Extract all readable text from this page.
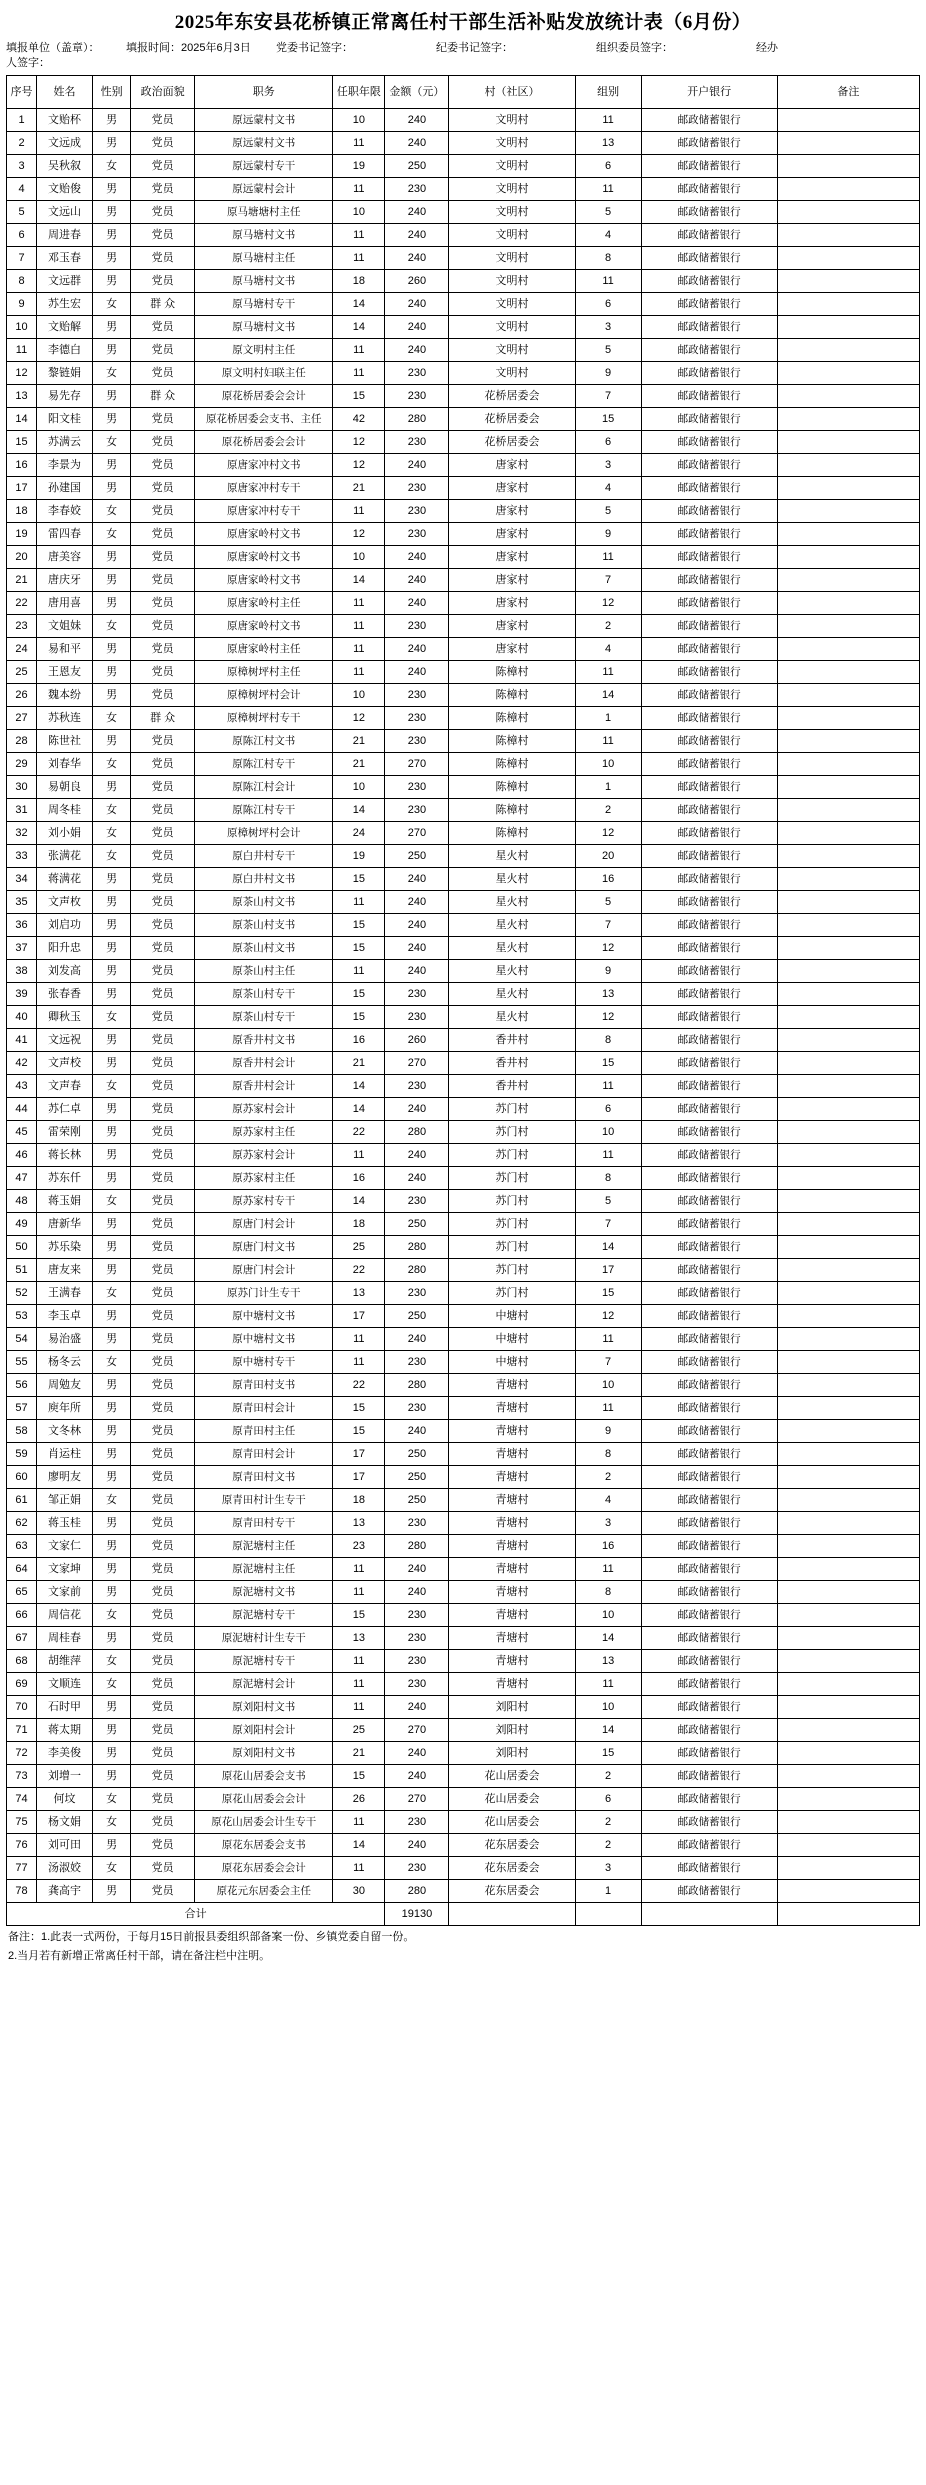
2025年东安县花桥镇正常离任村干部生活补贴发放统计表（6月份）
填报单位（盖章）：
人签字：
填报时间：2025年6月3日	党委书记签字：	纪委书记签字：	组织委员签字：	经办
序号	姓名	性别	政治面貌	职务	任职年限	金额（元）	村（社区）	组别	开户银行	备注
1	文贻杯	男	党员	原远蒙村文书	10	240	文明村	11	邮政储蓄银行	
2	文远成	男	党员	原远蒙村文书	11	240	文明村	13	邮政储蓄银行	
3	吴秋叙	女	党员	原远蒙村专干	19	250	文明村	6	邮政储蓄银行	
4	文贻俊	男	党员	原远蒙村会计	11	230	文明村	11	邮政储蓄银行	
5	文远山	男	党员	原马塘塘村主任	10	240	文明村	5	邮政储蓄银行	
6	周进春	男	党员	原马塘村文书	11	240	文明村	4	邮政储蓄银行	
7	邓玉春	男	党员	原马塘村主任	11	240	文明村	8	邮政储蓄银行	
8	文远群	男	党员	原马塘村文书	18	260	文明村	11	邮政储蓄银行	
9	苏生宏	女	群 众	原马塘村专干	14	240	文明村	6	邮政储蓄银行	
10	文贻解	男	党员	原马塘村文书	14	240	文明村	3	邮政储蓄银行	
11	李德白	男	党员	原文明村主任	11	240	文明村	5	邮政储蓄银行	
12	黎链娟	女	党员	原文明村妇联主任	11	230	文明村	9	邮政储蓄银行	
13	易先存	男	群 众	原花桥居委会会计	15	230	花桥居委会	7	邮政储蓄银行	
14	阳文桂	男	党员	原花桥居委会支书、主任	42	280	花桥居委会	15	邮政储蓄银行	
15	苏满云	女	党员	原花桥居委会会计	12	230	花桥居委会	6	邮政储蓄银行	
16	李景为	男	党员	原唐家冲村文书	12	240	唐家村	3	邮政储蓄银行	
17	孙建国	男	党员	原唐家冲村专干	21	230	唐家村	4	邮政储蓄银行	
18	李春姣	女	党员	原唐家冲村专干	11	230	唐家村	5	邮政储蓄银行	
19	雷四春	女	党员	原唐家岭村文书	12	230	唐家村	9	邮政储蓄银行	
20	唐美容	男	党员	原唐家岭村文书	10	240	唐家村	11	邮政储蓄银行	
21	唐庆牙	男	党员	原唐家岭村文书	14	240	唐家村	7	邮政储蓄银行	
22	唐用喜	男	党员	原唐家岭村主任	11	240	唐家村	12	邮政储蓄银行	
23	文姐妹	女	党员	原唐家岭村文书	11	230	唐家村	2	邮政储蓄银行	
24	易和平	男	党员	原唐家岭村主任	11	240	唐家村	4	邮政储蓄银行	
25	王恩友	男	党员	原樟树坪村主任	11	240	陈樟村	11	邮政储蓄银行	
26	魏本纷	男	党员	原樟树坪村会计	10	230	陈樟村	14	邮政储蓄银行	
27	苏秋连	女	群 众	原樟树坪村专干	12	230	陈樟村	1	邮政储蓄银行	
28	陈世社	男	党员	原陈江村文书	21	230	陈樟村	11	邮政储蓄银行	
29	刘春华	女	党员	原陈江村专干	21	270	陈樟村	10	邮政储蓄银行	
30	易朝良	男	党员	原陈江村会计	10	230	陈樟村	1	邮政储蓄银行	
31	周冬桂	女	党员	原陈江村专干	14	230	陈樟村	2	邮政储蓄银行	
32	刘小娟	女	党员	原樟树坪村会计	24	270	陈樟村	12	邮政储蓄银行	
33	张满花	女	党员	原白井村专干	19	250	星火村	20	邮政储蓄银行	
34	蒋满花	男	党员	原白井村文书	15	240	星火村	16	邮政储蓄银行	
35	文声枚	男	党员	原茶山村文书	11	240	星火村	5	邮政储蓄银行	
36	刘启功	男	党员	原茶山村支书	15	240	星火村	7	邮政储蓄银行	
37	阳升忠	男	党员	原茶山村文书	15	240	星火村	12	邮政储蓄银行	
38	刘发高	男	党员	原茶山村主任	11	240	星火村	9	邮政储蓄银行	
39	张春香	男	党员	原茶山村专干	15	230	星火村	13	邮政储蓄银行	
40	卿秋玉	女	党员	原茶山村专干	15	230	星火村	12	邮政储蓄银行	
41	文远祝	男	党员	原香井村文书	16	260	香井村	8	邮政储蓄银行	
42	文声校	男	党员	原香井村会计	21	270	香井村	15	邮政储蓄银行	
43	文声春	女	党员	原香井村会计	14	230	香井村	11	邮政储蓄银行	
44	苏仁卓	男	党员	原苏家村会计	14	240	苏门村	6	邮政储蓄银行	
45	雷荣刚	男	党员	原苏家村主任	22	280	苏门村	10	邮政储蓄银行	
46	蒋长林	男	党员	原苏家村会计	11	240	苏门村	11	邮政储蓄银行	
47	苏东仟	男	党员	原苏家村主任	16	240	苏门村	8	邮政储蓄银行	
48	蒋玉娟	女	党员	原苏家村专干	14	230	苏门村	5	邮政储蓄银行	
49	唐新华	男	党员	原唐门村会计	18	250	苏门村	7	邮政储蓄银行	
50	苏乐染	男	党员	原唐门村文书	25	280	苏门村	14	邮政储蓄银行	
51	唐友来	男	党员	原唐门村会计	22	280	苏门村	17	邮政储蓄银行	
52	王满春	女	党员	原苏门计生专干	13	230	苏门村	15	邮政储蓄银行	
53	李玉卓	男	党员	原中塘村文书	17	250	中塘村	12	邮政储蓄银行	
54	易治盛	男	党员	原中塘村文书	11	240	中塘村	11	邮政储蓄银行	
55	杨冬云	女	党员	原中塘村专干	11	230	中塘村	7	邮政储蓄银行	
56	周勉友	男	党员	原青田村支书	22	280	青塘村	10	邮政储蓄银行	
57	庾年所	男	党员	原青田村会计	15	230	青塘村	11	邮政储蓄银行	
58	文冬林	男	党员	原青田村主任	15	240	青塘村	9	邮政储蓄银行	
59	肖运柱	男	党员	原青田村会计	17	250	青塘村	8	邮政储蓄银行	
60	廖明友	男	党员	原青田村文书	17	250	青塘村	2	邮政储蓄银行	
61	邹正娟	女	党员	原青田村计生专干	18	250	青塘村	4	邮政储蓄银行	
62	蒋玉桂	男	党员	原青田村专干	13	230	青塘村	3	邮政储蓄银行	
63	文家仁	男	党员	原泥塘村主任	23	280	青塘村	16	邮政储蓄银行	
64	文家坤	男	党员	原泥塘村主任	11	240	青塘村	11	邮政储蓄银行	
65	文家前	男	党员	原泥塘村文书	11	240	青塘村	8	邮政储蓄银行	
66	周信花	女	党员	原泥塘村专干	15	230	青塘村	10	邮政储蓄银行	
67	周桂春	男	党员	原泥塘村计生专干	13	230	青塘村	14	邮政储蓄银行	
68	胡维萍	女	党员	原泥塘村专干	11	230	青塘村	13	邮政储蓄银行	
69	文顺连	女	党员	原泥塘村会计	11	230	青塘村	11	邮政储蓄银行	
70	石时甲	男	党员	原刘阳村文书	11	240	刘阳村	10	邮政储蓄银行	
71	蒋太期	男	党员	原刘阳村会计	25	270	刘阳村	14	邮政储蓄银行	
72	李美俊	男	党员	原刘阳村文书	21	240	刘阳村	15	邮政储蓄银行	
73	刘增一	男	党员	原花山居委会支书	15	240	花山居委会	2	邮政储蓄银行	
74	何坟	女	党员	原花山居委会会计	26	270	花山居委会	6	邮政储蓄银行	
75	杨文娟	女	党员	原花山居委会计生专干	11	230	花山居委会	2	邮政储蓄银行	
76	刘可田	男	党员	原花东居委会支书	14	240	花东居委会	2	邮政储蓄银行	
77	汤淑姣	女	党员	原花东居委会会计	11	230	花东居委会	3	邮政储蓄银行	
78	龚高宇	男	党员	原花元东居委会主任	30	280	花东居委会	1	邮政储蓄银行	
合计						19130				
备注：1.此表一式两份，于每月15日前报县委组织部备案一份、乡镇党委自留一份。
2.当月若有新增正常离任村干部，请在备注栏中注明。
